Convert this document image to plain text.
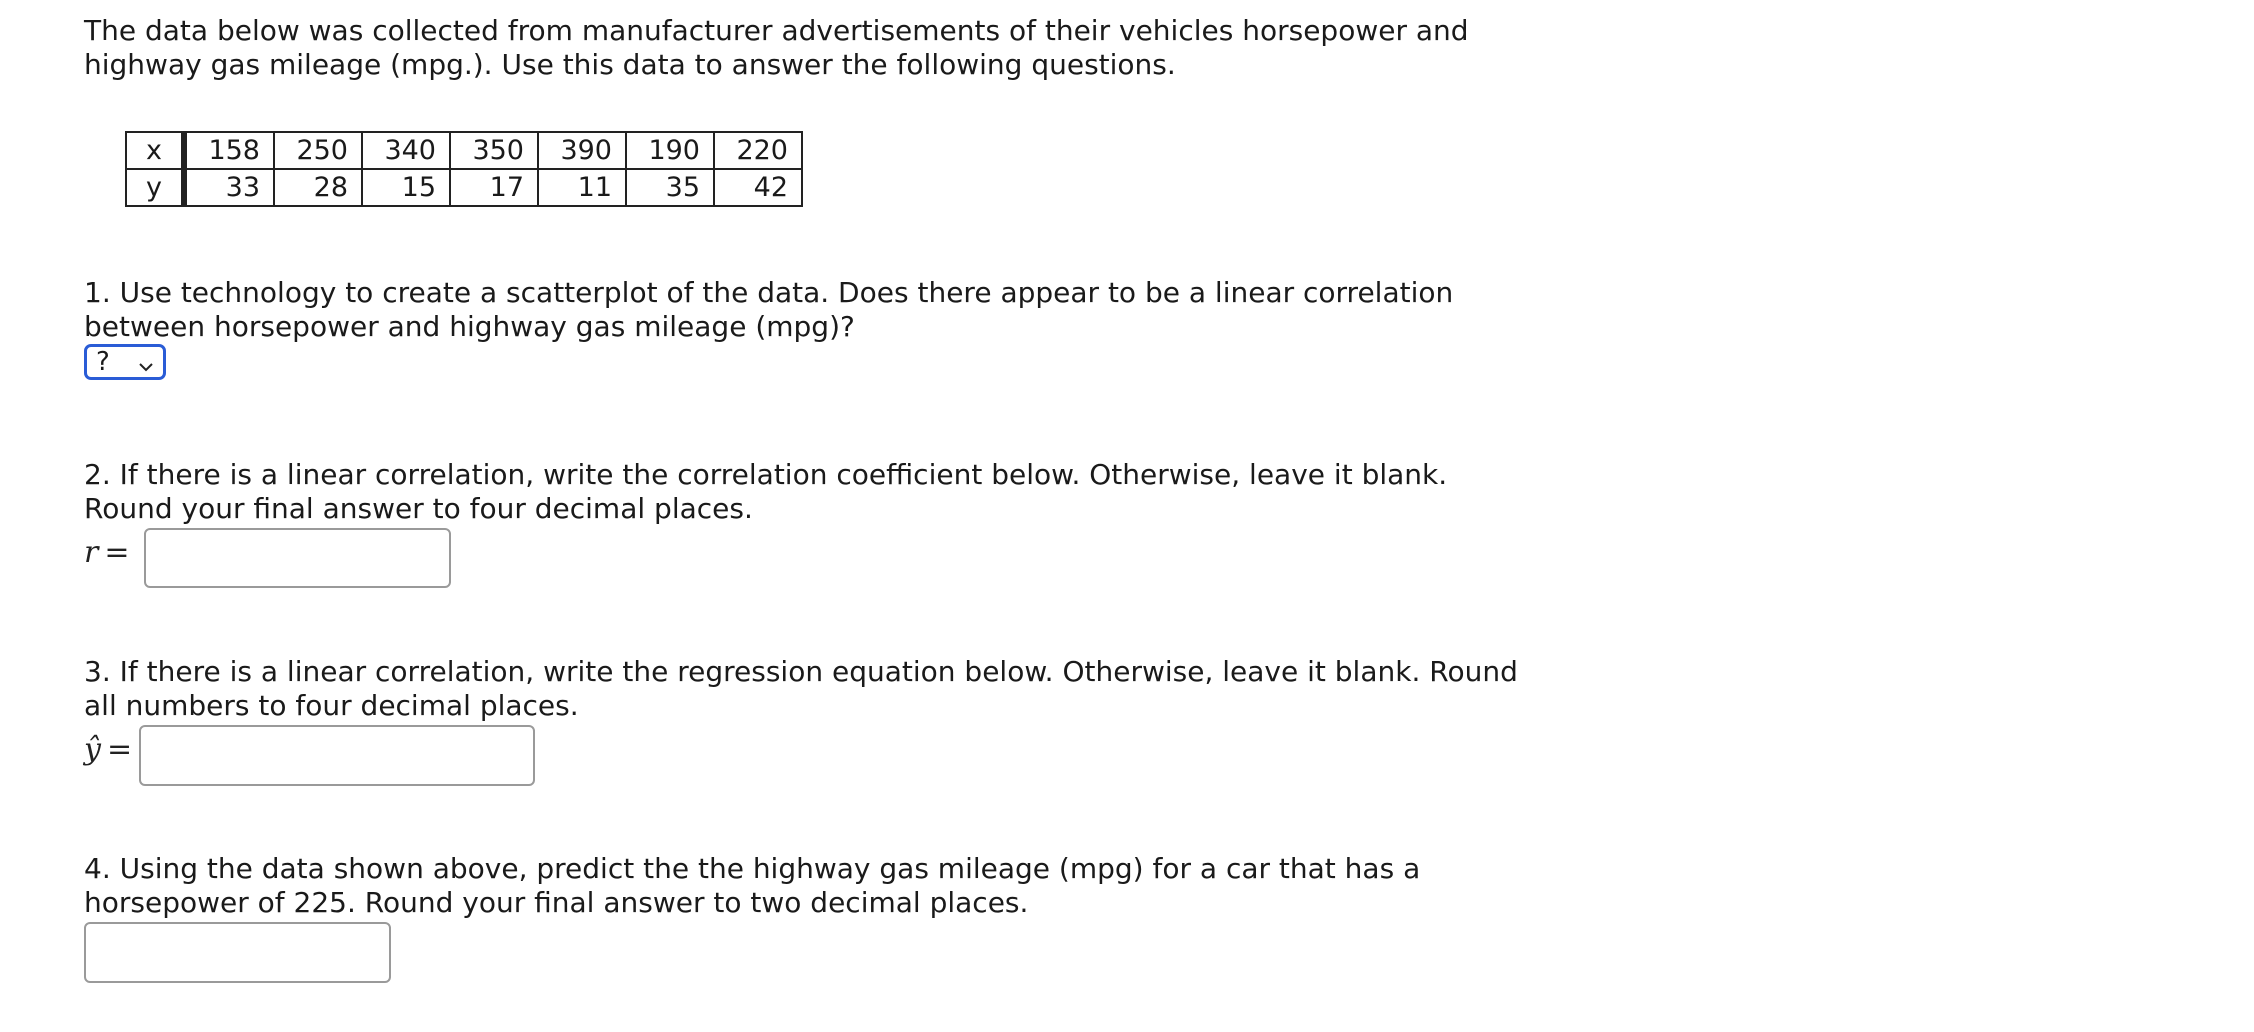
The data below was collected from manufacturer advertisements of their vehicles horsepower and highway gas mileage (mpg.). Use this data to answer the following questions.

x	158	250	340	350	390	190	220
y	33	28	15	17	11	35	42

1. Use technology to create a scatterplot of the data. Does there appear to be a linear correlation between horsepower and highway gas mileage (mpg)?

?

2. If there is a linear correlation, write the correlation coefficient below. Otherwise, leave it blank. Round your final answer to four decimal places.

r =

3. If there is a linear correlation, write the regression equation below. Otherwise, leave it blank. Round all numbers to four decimal places.

ŷ =

4. Using the data shown above, predict the the highway gas mileage (mpg) for a car that has a horsepower of 225. Round your final answer to two decimal places.
